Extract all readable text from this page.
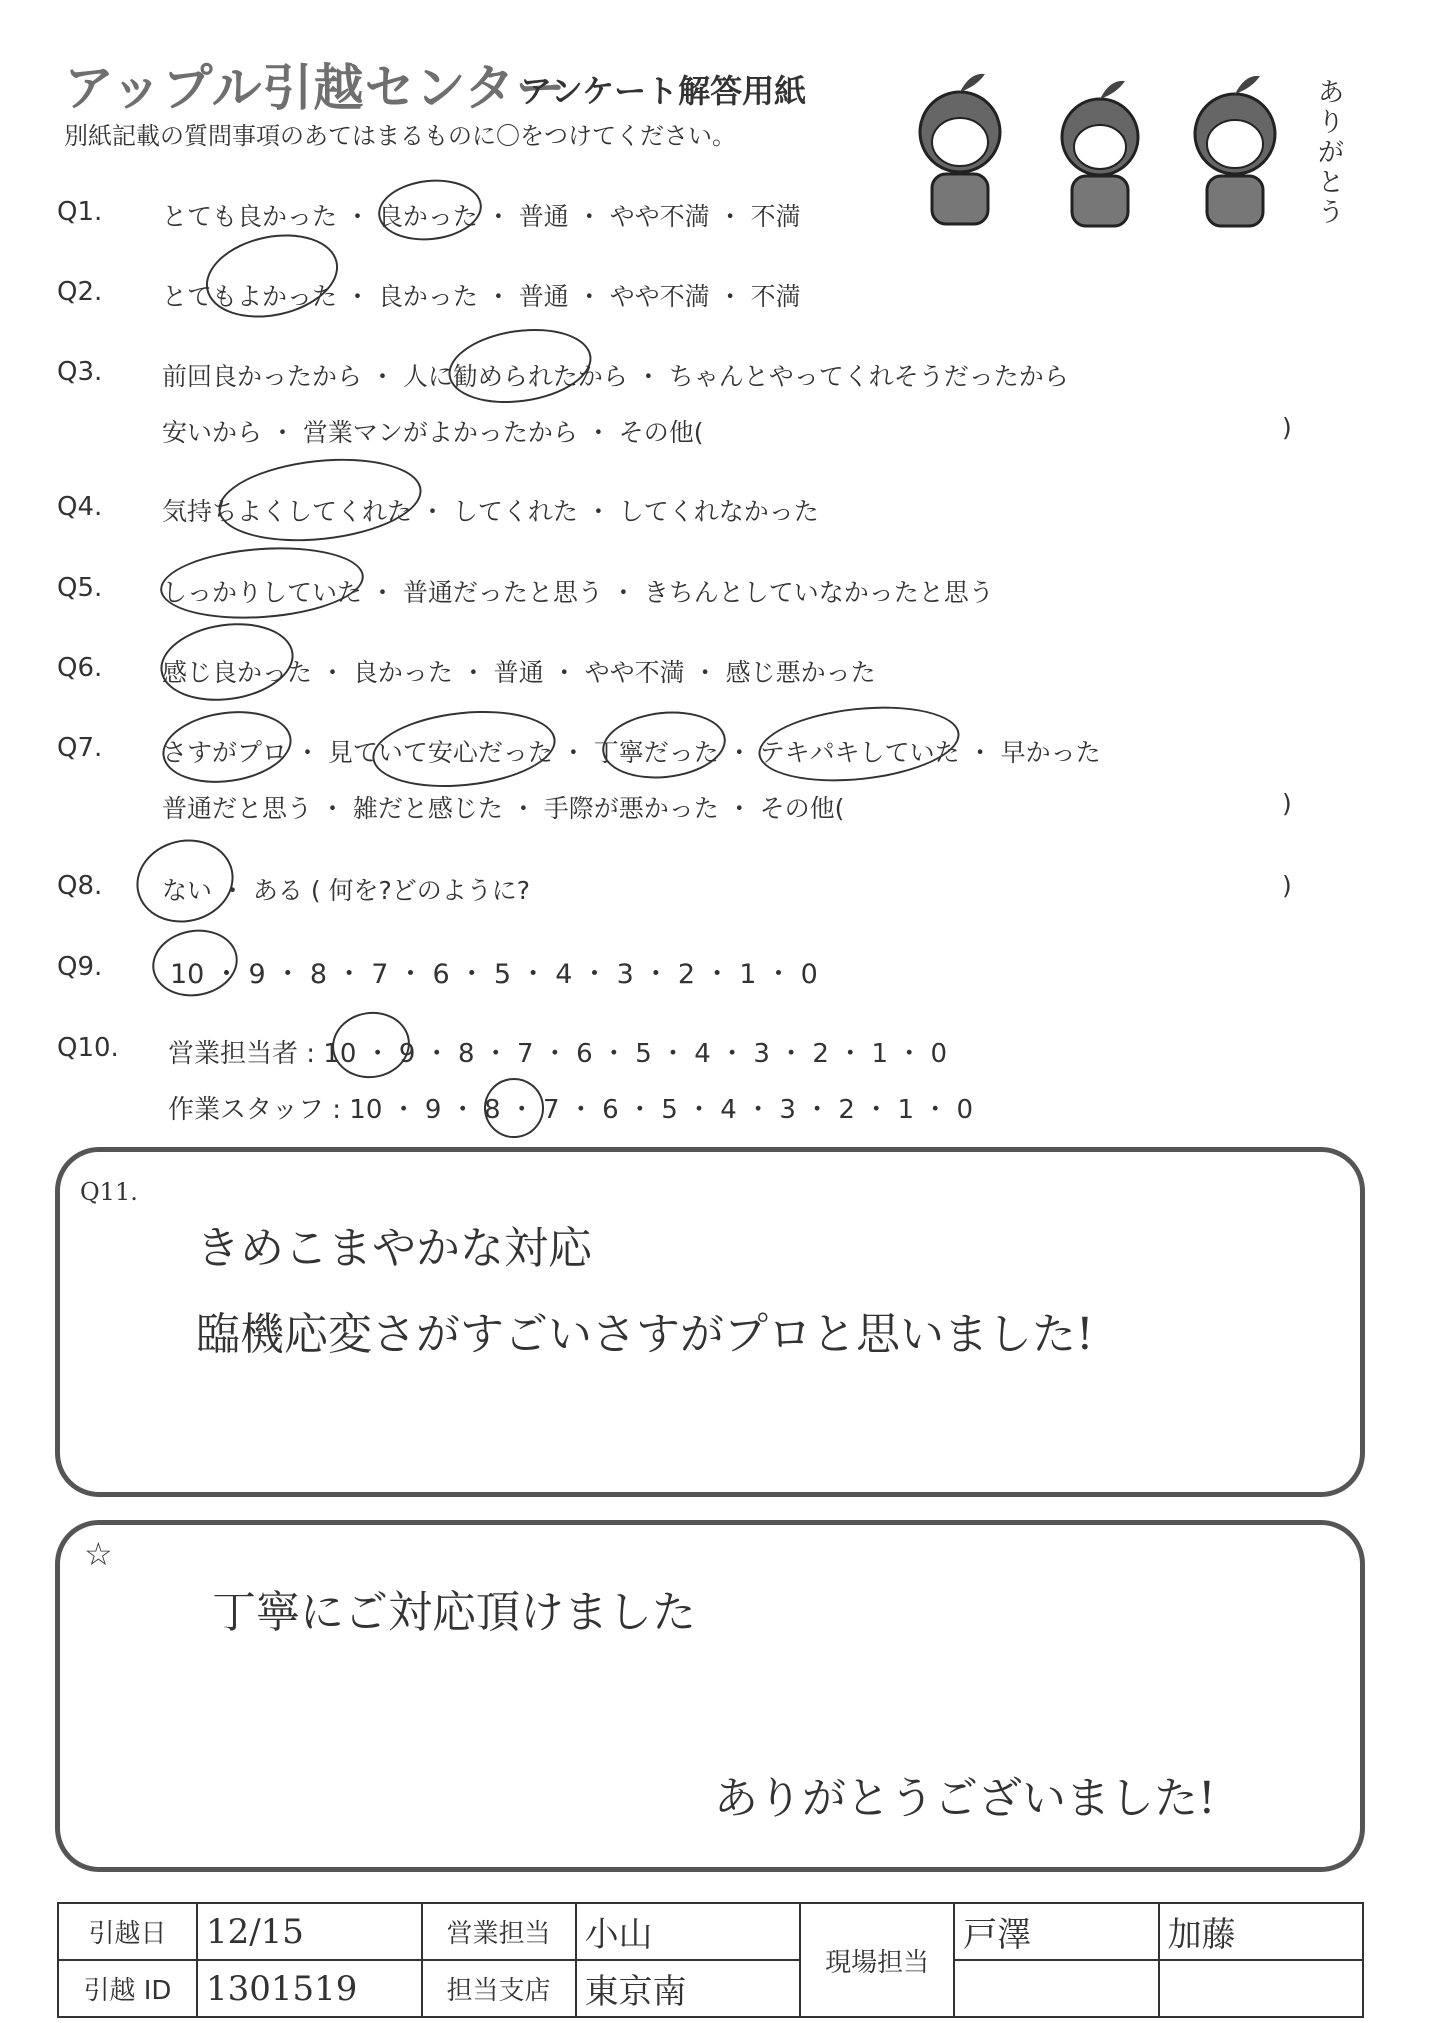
アップル引越センター
アンケート解答用紙
別紙記載の質問事項のあてはまるものに〇をつけてください。
ありがとう
Q1. とても良かった ・ 良かった ・ 普通 ・ やや不満 ・ 不満
Q2. とてもよかった ・ 良かった ・ 普通 ・ やや不満 ・ 不満
Q3. 前回良かったから ・ 人に勧められたから ・ ちゃんとやってくれそうだったから
安いから ・ 営業マンがよかったから ・ その他(	)
Q4. 気持ちよくしてくれた ・ してくれた ・ してくれなかった
Q5. しっかりしていた ・ 普通だったと思う ・ きちんとしていなかったと思う
Q6. 感じ良かった ・ 良かった ・ 普通 ・ やや不満 ・ 感じ悪かった
Q7. さすがプロ ・ 見ていて安心だった ・ 丁寧だった ・ テキパキしていた ・ 早かった
普通だと思う ・ 雑だと感じた ・ 手際が悪かった ・ その他(	)
Q8. ない ・ ある ( 何を?どのように?	)
Q9.	10 ・ 9 ・ 8 ・ 7 ・ 6 ・ 5 ・ 4 ・ 3 ・ 2 ・ 1 ・ 0
Q10. 営業担当者 : 10 ・ 9 ・ 8 ・ 7 ・ 6 ・ 5 ・ 4 ・ 3 ・ 2 ・ 1 ・ 0
作業スタッフ : 10 ・ 9 ・ 8 ・ 7 ・ 6 ・ 5 ・ 4 ・ 3 ・ 2 ・ 1 ・ 0
Q11.
きめこまやかな対応
臨機応変さがすごいさすがプロと思いました!
☆
丁寧にご対応頂けました
ありがとうございました!
引越日	12/15	営業担当	小山	現場担当	戸澤	加藤
引越 ID	1301519	担当支店	東京南			
